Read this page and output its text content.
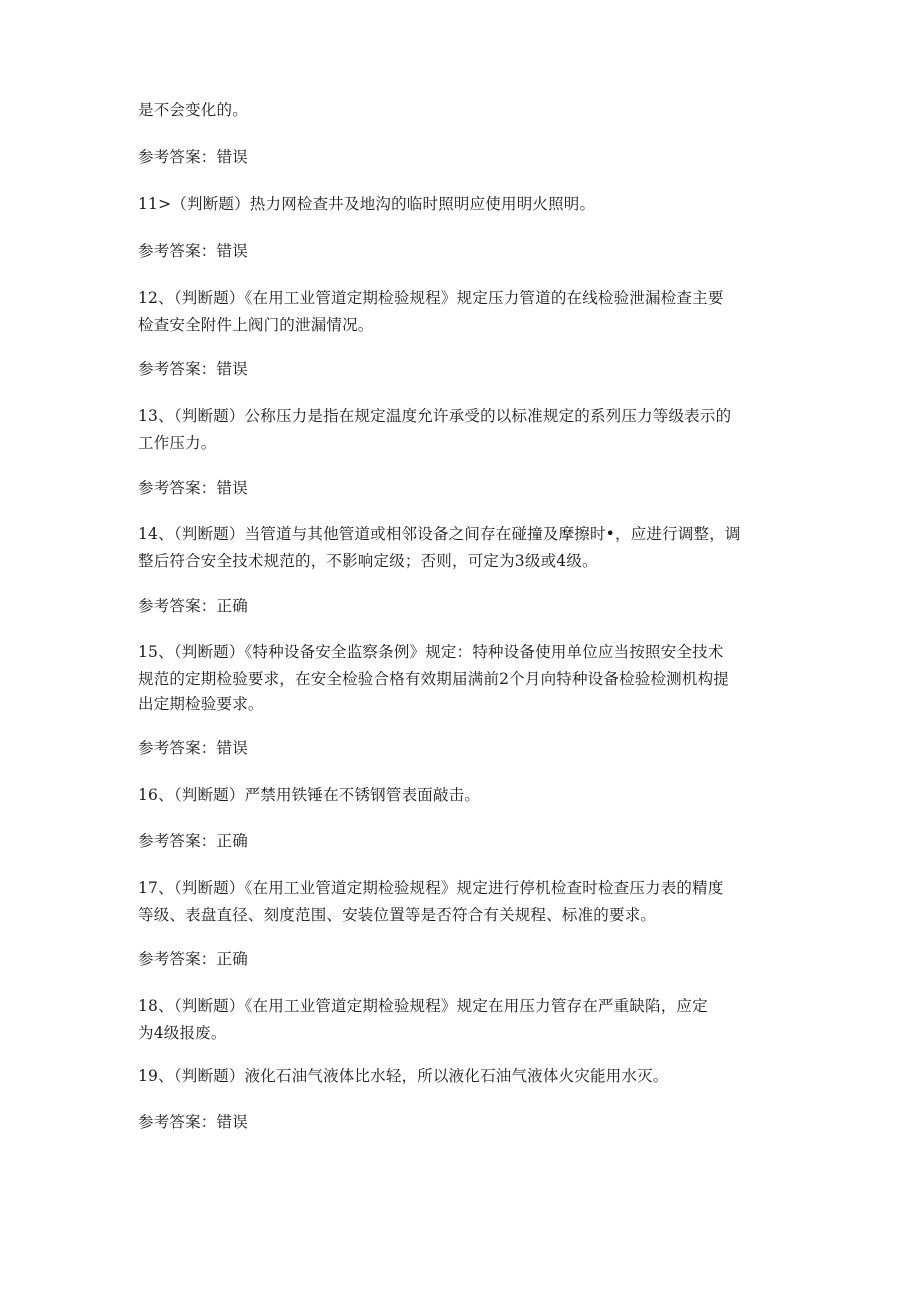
是不会变化的。
参考答案：错误
11>（判断题）热力网检查井及地沟的临时照明应使用明火照明。
参考答案：错误
12、（判断题）《在用工业管道定期检验规程》规定压力管道的在线检验泄漏检查主要
检查安全附件上阀门的泄漏情况。
参考答案：错误
13、（判断题）公称压力是指在规定温度允许承受的以标准规定的系列压力等级表示的
工作压力。
参考答案：错误
14、（判断题）当管道与其他管道或相邻设备之间存在碰撞及摩擦时•，应进行调整，调
整后符合安全技术规范的，不影响定级；否则，可定为3级或4级。
参考答案：正确
15、（判断题）《特种设备安全监察条例》规定：特种设备使用单位应当按照安全技术
规范的定期检验要求，在安全检验合格有效期届满前2个月向特种设备检验检测机构提
出定期检验要求。
参考答案：错误
16、（判断题）严禁用铁锤在不锈钢管表面敲击。
参考答案：正确
17、（判断题）《在用工业管道定期检验规程》规定进行停机检查时检查压力表的精度
等级、表盘直径、刻度范围、安装位置等是否符合有关规程、标准的要求。
参考答案：正确
18、（判断题）《在用工业管道定期检验规程》规定在用压力管存在严重缺陷，应定
为4级报废。
19、（判断题）液化石油气液体比水轻，所以液化石油气液体火灾能用水灭。
参考答案：错误
